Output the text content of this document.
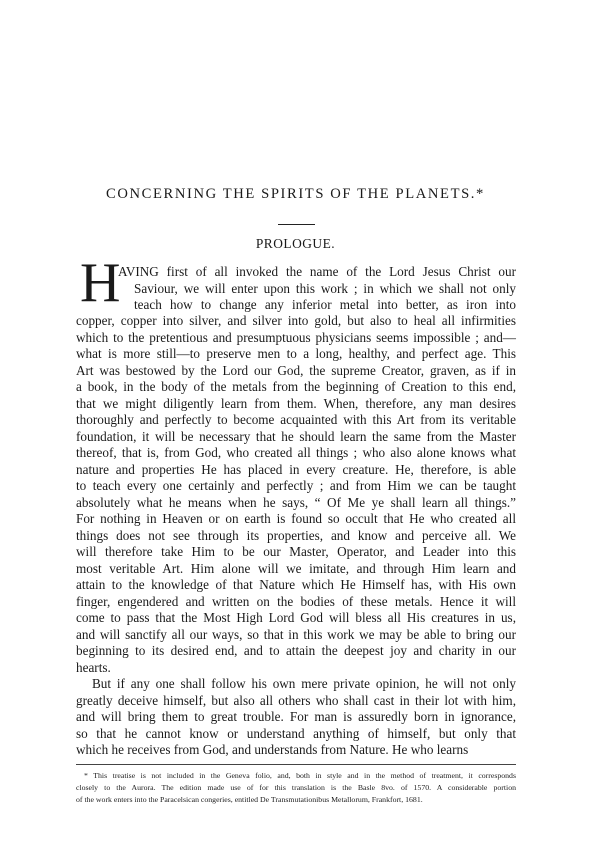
CONCERNING THE SPIRITS OF THE PLANETS.*
PROLOGUE.
H
AVING first of all invoked the name of the Lord Jesus Christ our
Saviour, we will enter upon this work ; in which we shall not only
teach how to change any inferior metal into better, as iron into
copper, copper into silver, and silver into gold, but also to heal all infirmities
which to the pretentious and presumptuous physicians seems impossible ; and—
what is more still—to preserve men to a long, healthy, and perfect age. This
Art was bestowed by the Lord our God, the supreme Creator, graven, as if in
a book, in the body of the metals from the beginning of Creation to this end,
that we might diligently learn from them. When, therefore, any man desires
thoroughly and perfectly to become acquainted with this Art from its veritable
foundation, it will be necessary that he should learn the same from the Master
thereof, that is, from God, who created all things ; who also alone knows what
nature and properties He has placed in every creature. He, therefore, is able
to teach every one certainly and perfectly ; and from Him we can be taught
absolutely what he means when he says, “ Of Me ye shall learn all things.”
For nothing in Heaven or on earth is found so occult that He who created all
things does not see through its properties, and know and perceive all. We
will therefore take Him to be our Master, Operator, and Leader into this
most veritable Art. Him alone will we imitate, and through Him learn and
attain to the knowledge of that Nature which He Himself has, with His own
finger, engendered and written on the bodies of these metals. Hence it will
come to pass that the Most High Lord God will bless all His creatures in us,
and will sanctify all our ways, so that in this work we may be able to bring our
beginning to its desired end, and to attain the deepest joy and charity in our
hearts.
But if any one shall follow his own mere private opinion, he will not only
greatly deceive himself, but also all others who shall cast in their lot with him,
and will bring them to great trouble. For man is assuredly born in ignorance,
so that he cannot know or understand anything of himself, but only that
which he receives from God, and understands from Nature. He who learns
* This treatise is not included in the Geneva folio, and, both in style and in the method of treatment, it corresponds
closely to the Aurora. The edition made use of for this translation is the Basle 8vo. of 1570. A considerable portion
of the work enters into the Paracelsican congeries, entitled De Transmutationibus Metallorum, Frankfort, 1681.
